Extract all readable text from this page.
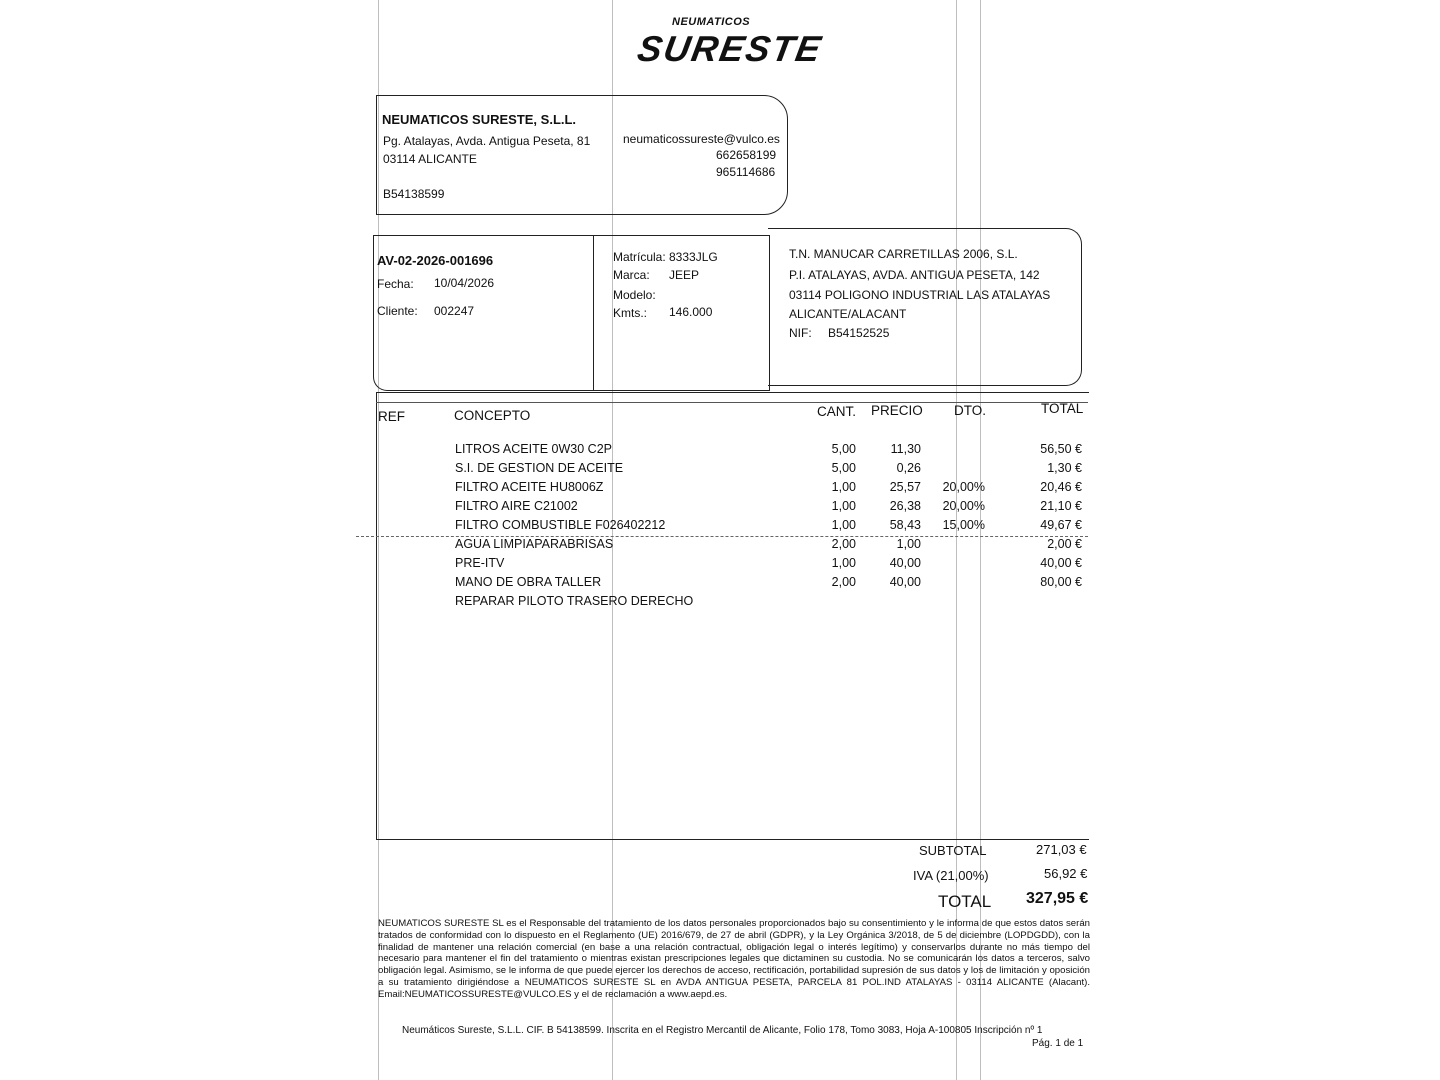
NEUMATICOS
SURESTE
NEUMATICOS SURESTE, S.L.L.
Pg. Atalayas, Avda. Antigua Peseta, 81
03114 ALICANTE
B54138599
neumaticossureste@vulco.es
662658199
965114686
AV-02-2026-001696
Fecha: 10/04/2026
Cliente: 002247
Matrícula: 8333JLG
Marca: JEEP
Modelo:
Kmts.: 146.000
T.N. MANUCAR CARRETILLAS 2006, S.L.
P.I. ATALAYAS, AVDA. ANTIGUA PESETA, 142
03114 POLIGONO INDUSTRIAL LAS ATALAYAS
ALICANTE/ALACANT
NIF: B54152525
REF	CONCEPTO	CANT. PRECIO DTO.	TOTAL
LITROS ACEITE 0W30 C2P	5,00	11,30	56,50 €
S.I. DE GESTION DE ACEITE	5,00	0,26	1,30 €
FILTRO ACEITE HU8006Z	1,00	25,57 20,00%	20,46 €
FILTRO AIRE C21002	1,00	26,38 20,00%	21,10 €
FILTRO COMBUSTIBLE F026402212	1,00	58,43 15,00%	49,67 €
AGUA LIMPIAPARABRISAS	2,00	1,00	2,00 €
PRE-ITV	1,00	40,00	40,00 €
MANO DE OBRA TALLER	2,00	40,00	80,00 €
REPARAR PILOTO TRASERO DERECHO
SUBTOTAL	271,03 €
IVA (21,00%)	56,92 €
TOTAL 327,95 €
NEUMATICOS SURESTE SL es el Responsable del tratamiento de los datos personales proporcionados bajo su consentimiento y le informa de que estos datos serán tratados de conformidad con lo dispuesto en el Reglamento (UE) 2016/679, de 27 de abril (GDPR), y la Ley Orgánica 3/2018, de 5 de diciembre (LOPDGDD), con la finalidad de mantener una relación comercial (en base a una relación contractual, obligación legal o interés legítimo) y conservarlos durante no más tiempo del necesario para mantener el fin del tratamiento o mientras existan prescripciones legales que dictaminen su custodia. No se comunicarán los datos a terceros, salvo obligación legal. Asimismo, se le informa de que puede ejercer los derechos de acceso, rectificación, portabilidad supresión de sus datos y los de limitación y oposición a su tratamiento dirigiéndose a NEUMATICOS SURESTE SL en AVDA ANTIGUA PESETA, PARCELA 81 POL.IND ATALAYAS - 03114 ALICANTE (Alacant). Email:NEUMATICOSSURESTE@VULCO.ES y el de reclamación a www.aepd.es.
Neumáticos Sureste, S.L.L. CIF. B 54138599. Inscrita en el Registro Mercantil de Alicante, Folio 178, Tomo 3083, Hoja A-100805 Inscripción nº 1
Pág. 1 de 1
